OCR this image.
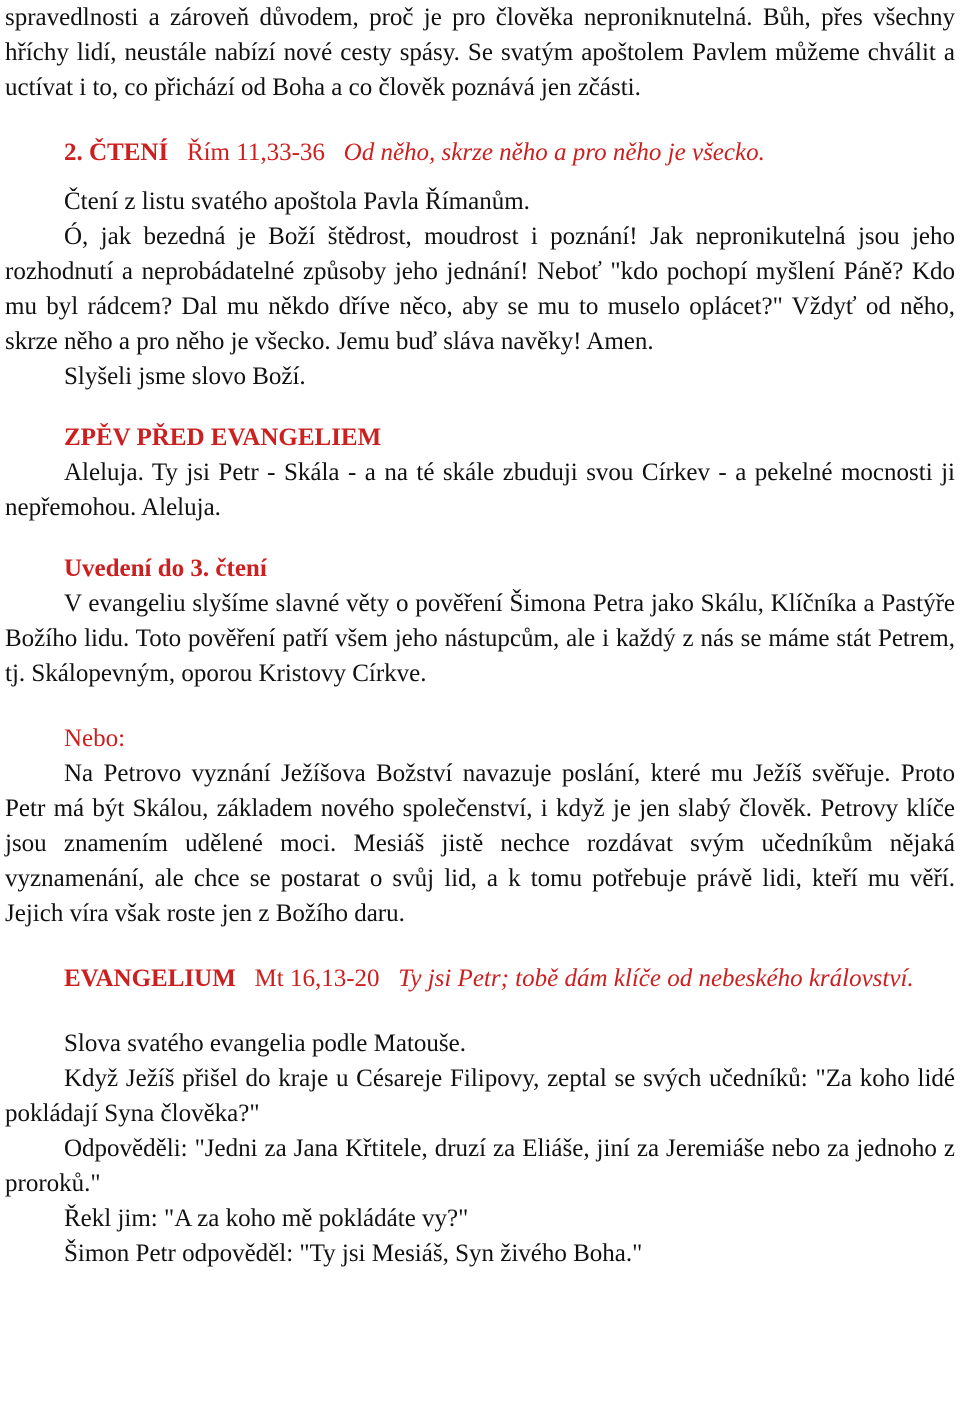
spravedlnosti a zároveň důvodem, proč je pro člověka neproniknutelná. Bůh, přes všechny hříchy lidí, neustále nabízí nové cesty spásy. Se svatým apoštolem Pavlem můžeme chválit a uctívat i to, co přichází od Boha a co člověk poznává jen zčásti.

2. ČTENÍ Řím 11,33-36 Od něho, skrze něho a pro něho je všecko.

Čtení z listu svatého apoštola Pavla Římanům.

Ó, jak bezedná je Boží štědrost, moudrost i poznání! Jak nepronikutelná jsou jeho rozhodnutí a neprobádatelné způsoby jeho jednání! Neboť "kdo pochopí myšlení Páně? Kdo mu byl rádcem? Dal mu někdo dříve něco, aby se mu to muselo oplácet?" Vždyť od něho, skrze něho a pro něho je všecko. Jemu buď sláva navěky! Amen.

Slyšeli jsme slovo Boží.

ZPĚV PŘED EVANGELIEM

Aleluja. Ty jsi Petr - Skála - a na té skále zbuduji svou Církev - a pekelné mocnosti ji nepřemohou. Aleluja.

Uvedení do 3. čtení

V evangeliu slyšíme slavné věty o pověření Šimona Petra jako Skálu, Klíčníka a Pastýře Božího lidu. Toto pověření patří všem jeho nástupcům, ale i každý z nás se máme stát Petrem, tj. Skálopevným, oporou Kristovy Církve.

Nebo:

Na Petrovo vyznání Ježíšova Božství navazuje poslání, které mu Ježíš svěřuje. Proto Petr má být Skálou, základem nového společenství, i když je jen slabý člověk. Petrovy klíče jsou znamením udělené moci. Mesiáš jistě nechce rozdávat svým učedníkům nějaká vyznamenání, ale chce se postarat o svůj lid, a k tomu potřebuje právě lidi, kteří mu věří. Jejich víra však roste jen z Božího daru.

EVANGELIUM Mt 16,13-20 Ty jsi Petr; tobě dám klíče od nebeského království.

Slova svatého evangelia podle Matouše.

Když Ježíš přišel do kraje u Césareje Filipovy, zeptal se svých učedníků: "Za koho lidé pokládají Syna člověka?"

Odpověděli: "Jedni za Jana Křtitele, druzí za Eliáše, jiní za Jeremiáše nebo za jednoho z proroků."

Řekl jim: "A za koho mě pokládáte vy?"

Šimon Petr odpověděl: "Ty jsi Mesiáš, Syn živého Boha."
